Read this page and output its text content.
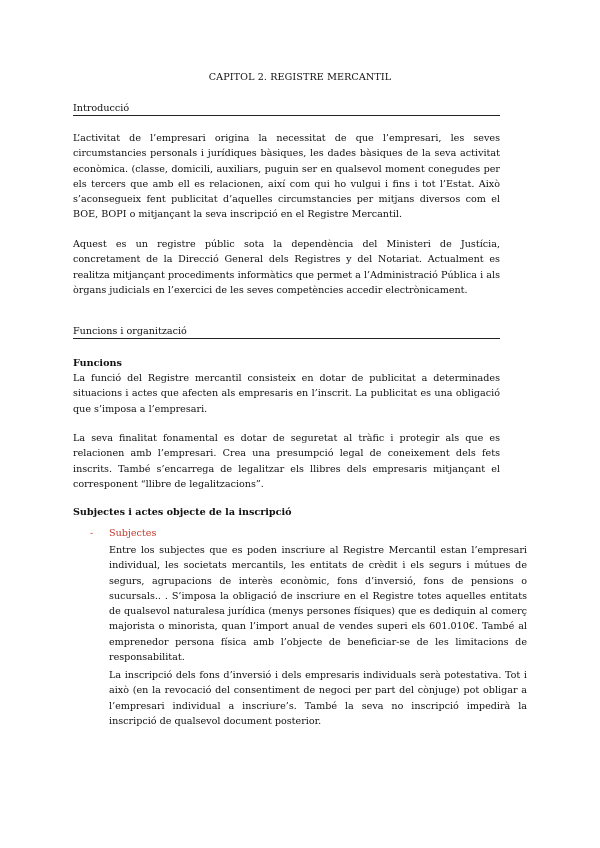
CAPITOL 2. REGISTRE MERCANTIL
Introducció

L’activitat de l’empresari origina la necessitat de que l’empresari, les seves circumstancies personals i jurídiques bàsiques, les dades bàsiques de la seva activitat econòmica. (classe, domicili, auxiliars, puguin ser en qualsevol moment conegudes per els tercers que amb ell es relacionen, així com qui ho vulgui i fins i tot l’Estat. Això s’aconsegueix fent publicitat d’aquelles circumstancies per mitjans diversos com el BOE, BOPI o mitjançant la seva inscripció en el Registre Mercantil.

Aquest es un registre públic sota la dependència del Ministeri de Justícia, concretament de la Direcció General dels Registres y del Notariat. Actualment es realitza mitjançant procediments informàtics que permet a l’Administració Pública i als òrgans judicials en l’exercici de les seves competències accedir electrònicament.

Funcions i organització
Funcions

La funció del Registre mercantil consisteix en dotar de publicitat a determinades situacions i actes que afecten als empresaris en l’inscrit. La publicitat es una obligació que s’imposa a l’empresari.

La seva finalitat fonamental es dotar de seguretat al tràfic i protegir als que es relacionen amb l’empresari. Crea una presumpció legal de coneixement dels fets inscrits. També s’encarrega de legalitzar els llibres dels empresaris mitjançant el corresponent “llibre de legalitzacions”.

Subjectes i actes objecte de la inscripció
- Subjectes

Entre los subjectes que es poden inscriure al Registre Mercantil estan l’empresari individual, les societats mercantils, les entitats de crèdit i els segurs i mútues de segurs, agrupacions de interès econòmic, fons d’inversió, fons de pensions o sucursals.. . S’imposa la obligació de inscriure en el Registre totes aquelles entitats de qualsevol naturalesa jurídica (menys persones físiques) que es dediquin al comerç majorista o minorista, quan l’import anual de vendes superi els 601.010€. També al emprenedor persona física amb l’objecte de beneficiar-se de les limitacions de responsabilitat.

La inscripció dels fons d’inversió i dels empresaris individuals serà potestativa. Tot i això (en la revocació del consentiment de negoci per part del cònjuge) pot obligar a l’empresari individual a inscriure’s. També la seva no inscripció impedirà la inscripció de qualsevol document posterior.
